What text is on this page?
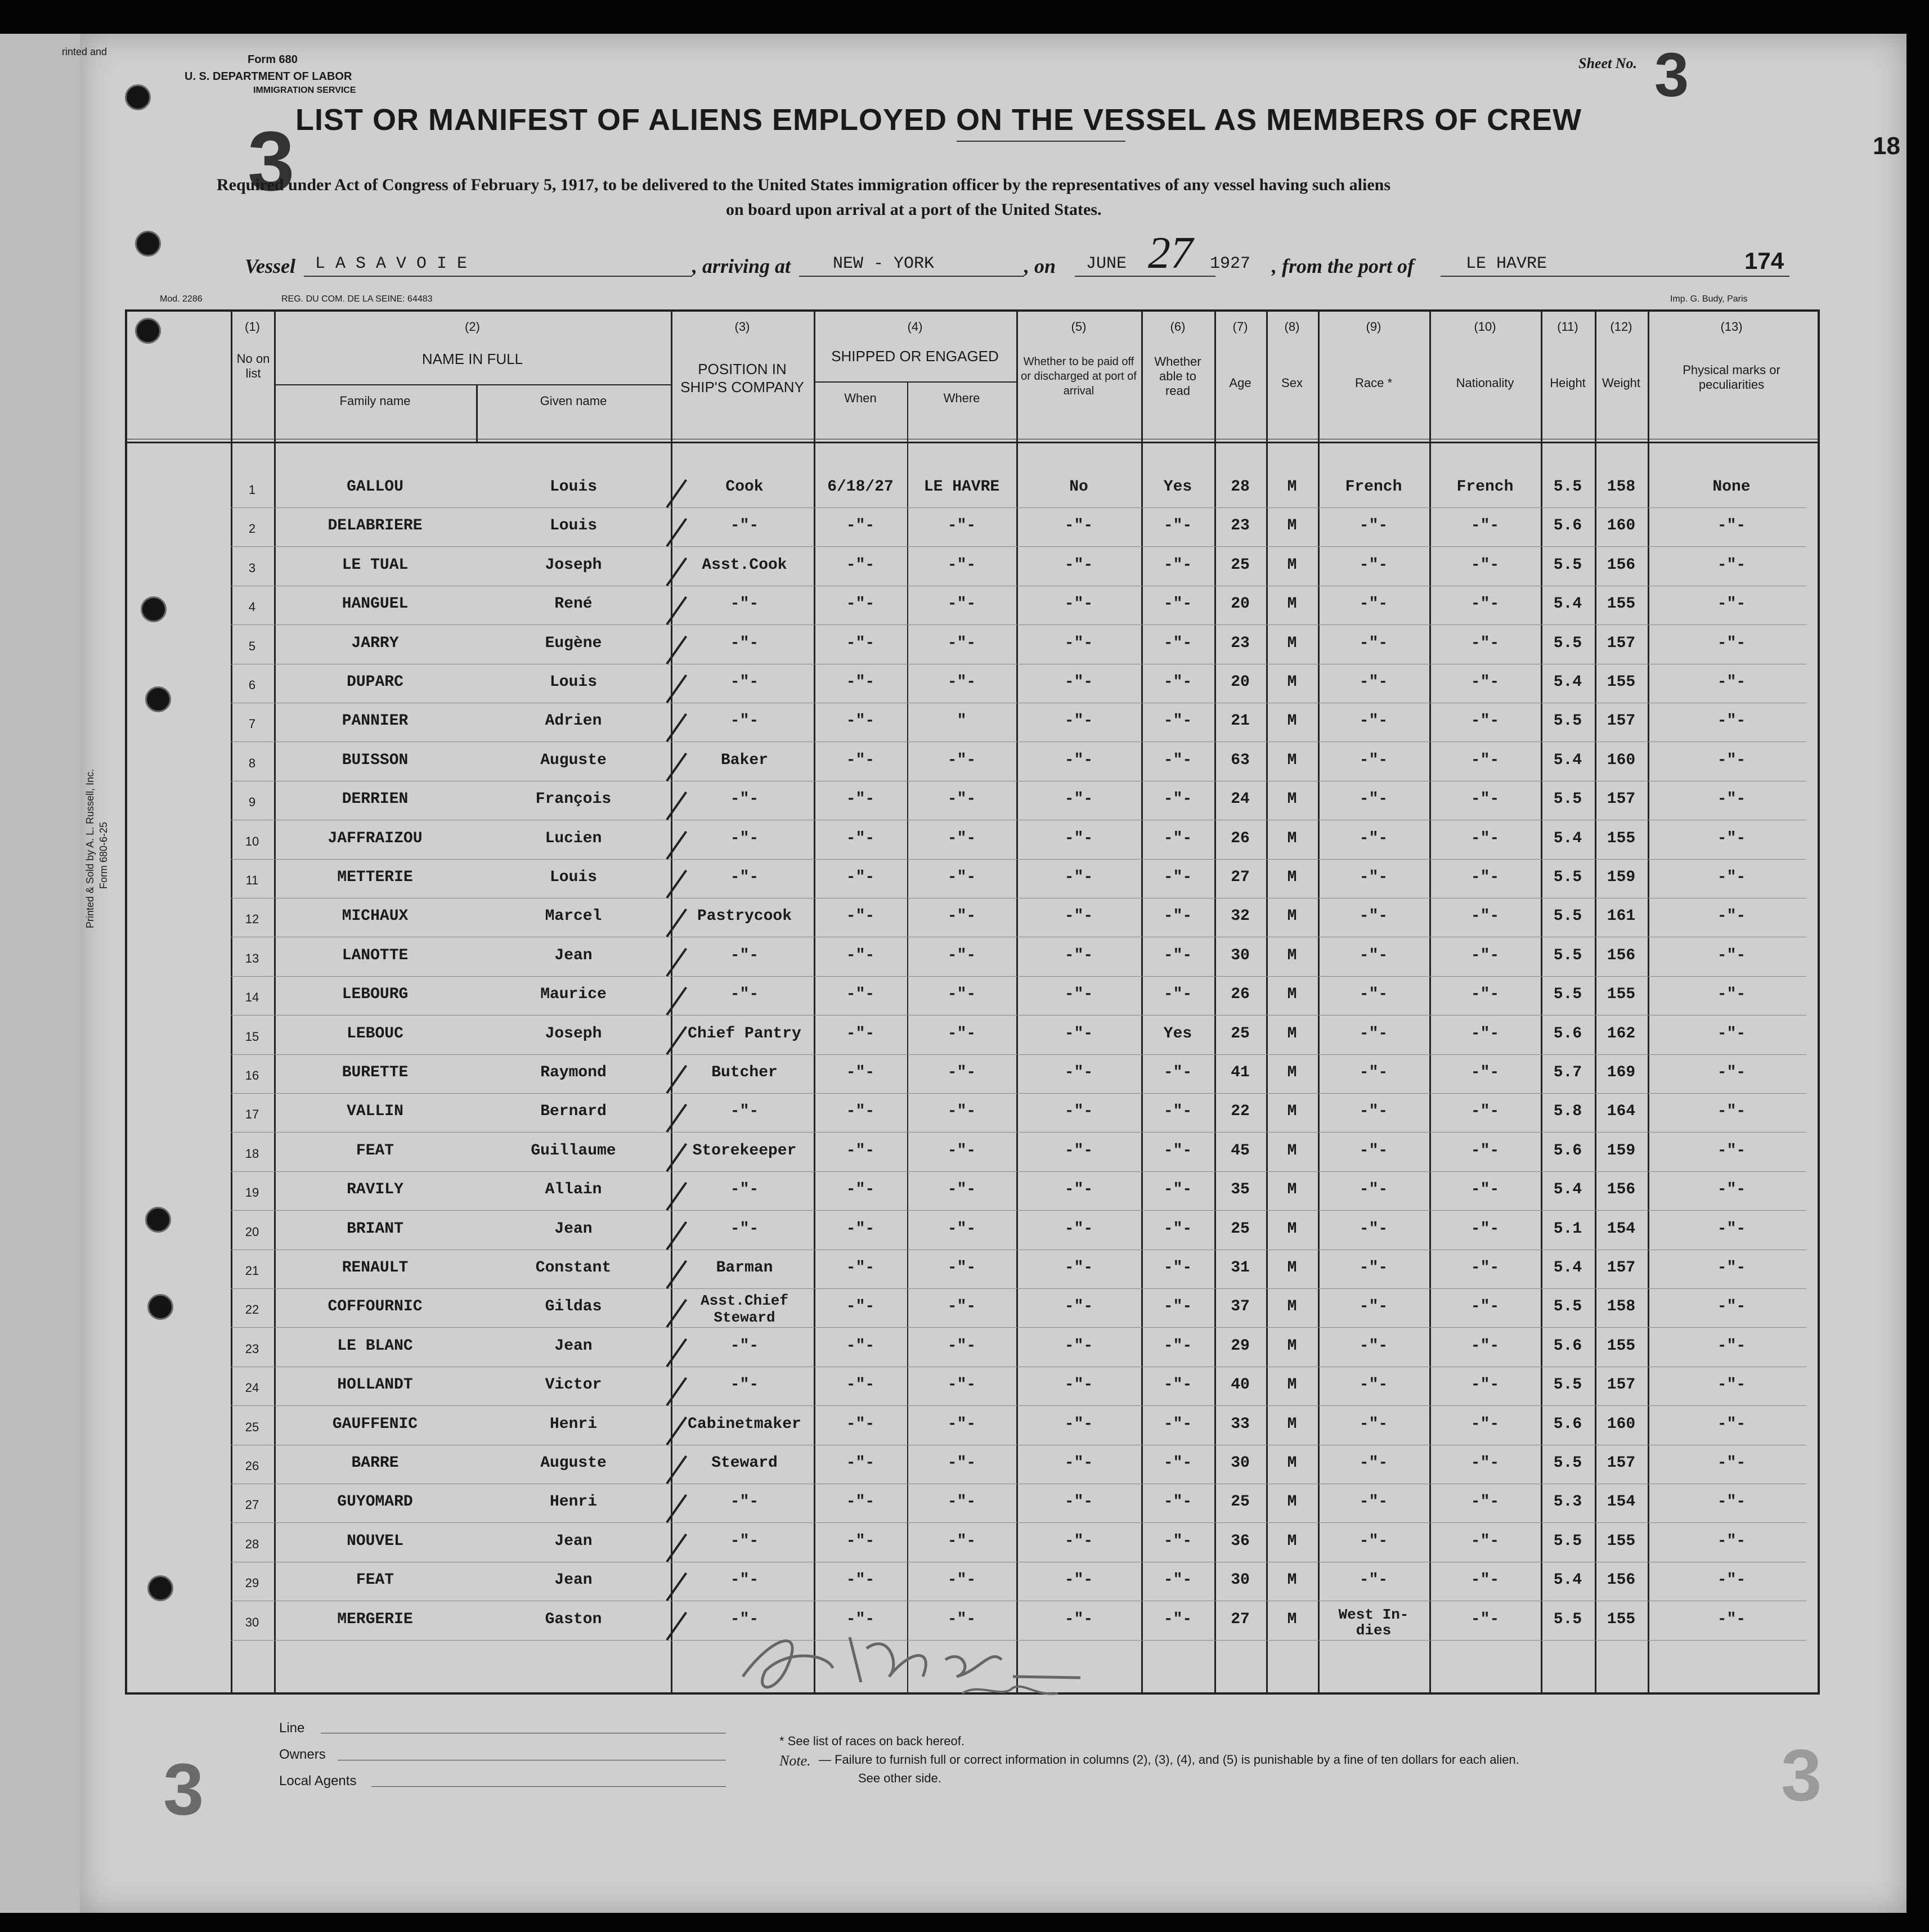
rinted and
Form 680
U. S. DEPARTMENT OF LABOR
IMMIGRATION SERVICE
Sheet No. 3
3	18
LIST OR MANIFEST OF ALIENS EMPLOYED ON THE VESSEL AS MEMBERS OF CREW
Required under Act of Congress of February 5, 1917, to be delivered to the United States immigration officer by the representatives of any vessel having such aliens
on board upon arrival at a port of the United States.
Vessel L A S A V O I E	, arriving at NEW - YORK	, on JUNE 27 1927 , from the port of	LE HAVRE	174
Mod. 2286	REG. DU COM. DE LA SEINE: 64483	Imp. G. Budy, Paris
(1)
No on list
(2)
NAME IN FULL
Family name	Given name
(3)
POSITION IN SHIP'S COMPANY
(4)
SHIPPED OR ENGAGED
When	Where
(5)
Whether to be paid off or discharged at port of arrival
(6)
Whether able to read
(7)
Age
(8)
Sex
(9)
Race *
(10)
Nationality
(11)
Height
(12)
Weight
(13)
Physical marks or peculiarities
1	GALLOU	Louis	Cook	6/18/27	LE HAVRE	No	Yes	28	M	French	French	5.5	158	None
2	DELABRIERE	Louis	-"-	-"-	-"-	-"-	-"-	23	M	-"-	-"-	5.6	160	-"-
3	LE TUAL	Joseph	Asst.Cook	-"-	-"-	-"-	-"-	25	M	-"-	-"-	5.5	156	-"-
4	HANGUEL	René	-"-	-"-	-"-	-"-	-"-	20	M	-"-	-"-	5.4	155	-"-
5	JARRY	Eugène	-"-	-"-	-"-	-"-	-"-	23	M	-"-	-"-	5.5	157	-"-
6	DUPARC	Louis	-"-	-"-	-"-	-"-	-"-	20	M	-"-	-"-	5.4	155	-"-
7	PANNIER	Adrien	-"-	-"-	"	-"-	-"-	21	M	-"-	-"-	5.5	157	-"-
8	BUISSON	Auguste	Baker	-"-	-"-	-"-	-"-	63	M	-"-	-"-	5.4	160	-"-
9	DERRIEN	François	-"-	-"-	-"-	-"-	-"-	24	M	-"-	-"-	5.5	157	-"-
10	JAFFRAIZOU	Lucien	-"-	-"-	-"-	-"-	-"-	26	M	-"-	-"-	5.4	155	-"-
11	METTERIE	Louis	-"-	-"-	-"-	-"-	-"-	27	M	-"-	-"-	5.5	159	-"-
12	MICHAUX	Marcel	Pastrycook	-"-	-"-	-"-	-"-	32	M	-"-	-"-	5.5	161	-"-
13	LANOTTE	Jean	-"-	-"-	-"-	-"-	-"-	30	M	-"-	-"-	5.5	156	-"-
14	LEBOURG	Maurice	-"-	-"-	-"-	-"-	-"-	26	M	-"-	-"-	5.5	155	-"-
15	LEBOUC	Joseph	Chief Pantry	-"-	-"-	-"-	Yes	25	M	-"-	-"-	5.6	162	-"-
16	BURETTE	Raymond	Butcher	-"-	-"-	-"-	-"-	41	M	-"-	-"-	5.7	169	-"-
17	VALLIN	Bernard	-"-	-"-	-"-	-"-	-"-	22	M	-"-	-"-	5.8	164	-"-
18	FEAT	Guillaume	Storekeeper	-"-	-"-	-"-	-"-	45	M	-"-	-"-	5.6	159	-"-
19	RAVILY	Allain	-"-	-"-	-"-	-"-	-"-	35	M	-"-	-"-	5.4	156	-"-
20	BRIANT	Jean	-"-	-"-	-"-	-"-	-"-	25	M	-"-	-"-	5.1	154	-"-
21	RENAULT	Constant	Barman	-"-	-"-	-"-	-"-	31	M	-"-	-"-	5.4	157	-"-
22	COFFOURNIC	Gildas	Asst.Chief	-"-	-"-	-"-	-"-	37	M	-"-	-"-	5.5	158	-"-
Steward
23	LE BLANC	Jean	-"-	-"-	-"-	-"-	-"-	29	M	-"-	-"-	5.6	155	-"-
24	HOLLANDT	Victor	-"-	-"-	-"-	-"-	-"-	40	M	-"-	-"-	5.5	157	-"-
25	GAUFFENIC	Henri	Cabinetmaker	-"-	-"-	-"-	-"-	33	M	-"-	-"-	5.6	160	-"-
26	BARRE	Auguste	Steward	-"-	-"-	-"-	-"-	30	M	-"-	-"-	5.5	157	-"-
27	GUYOMARD	Henri	-"-	-"-	-"-	-"-	-"-	25	M	-"-	-"-	5.3	154	-"-
28	NOUVEL	Jean	-"-	-"-	-"-	-"-	-"-	36	M	-"-	-"-	5.5	155	-"-
29	FEAT	Jean	-"-	-"-	-"-	-"-	-"-	30	M	-"-	-"-	5.4	156	-"-
30	MERGERIE	Gaston	-"-	-"-	-"-	-"-	-"-	27	M	West In-	-"-	5.5	155	-"-
dies
Line
Owners
Local Agents
* See list of races on back hereof.
Note. — Failure to furnish full or correct information in columns (2), (3), (4), and (5) is punishable by a fine of ten dollars for each alien.
See other side.
3	3
Printed & Sold by A. L. Russell, Inc. Form 680-6-25
